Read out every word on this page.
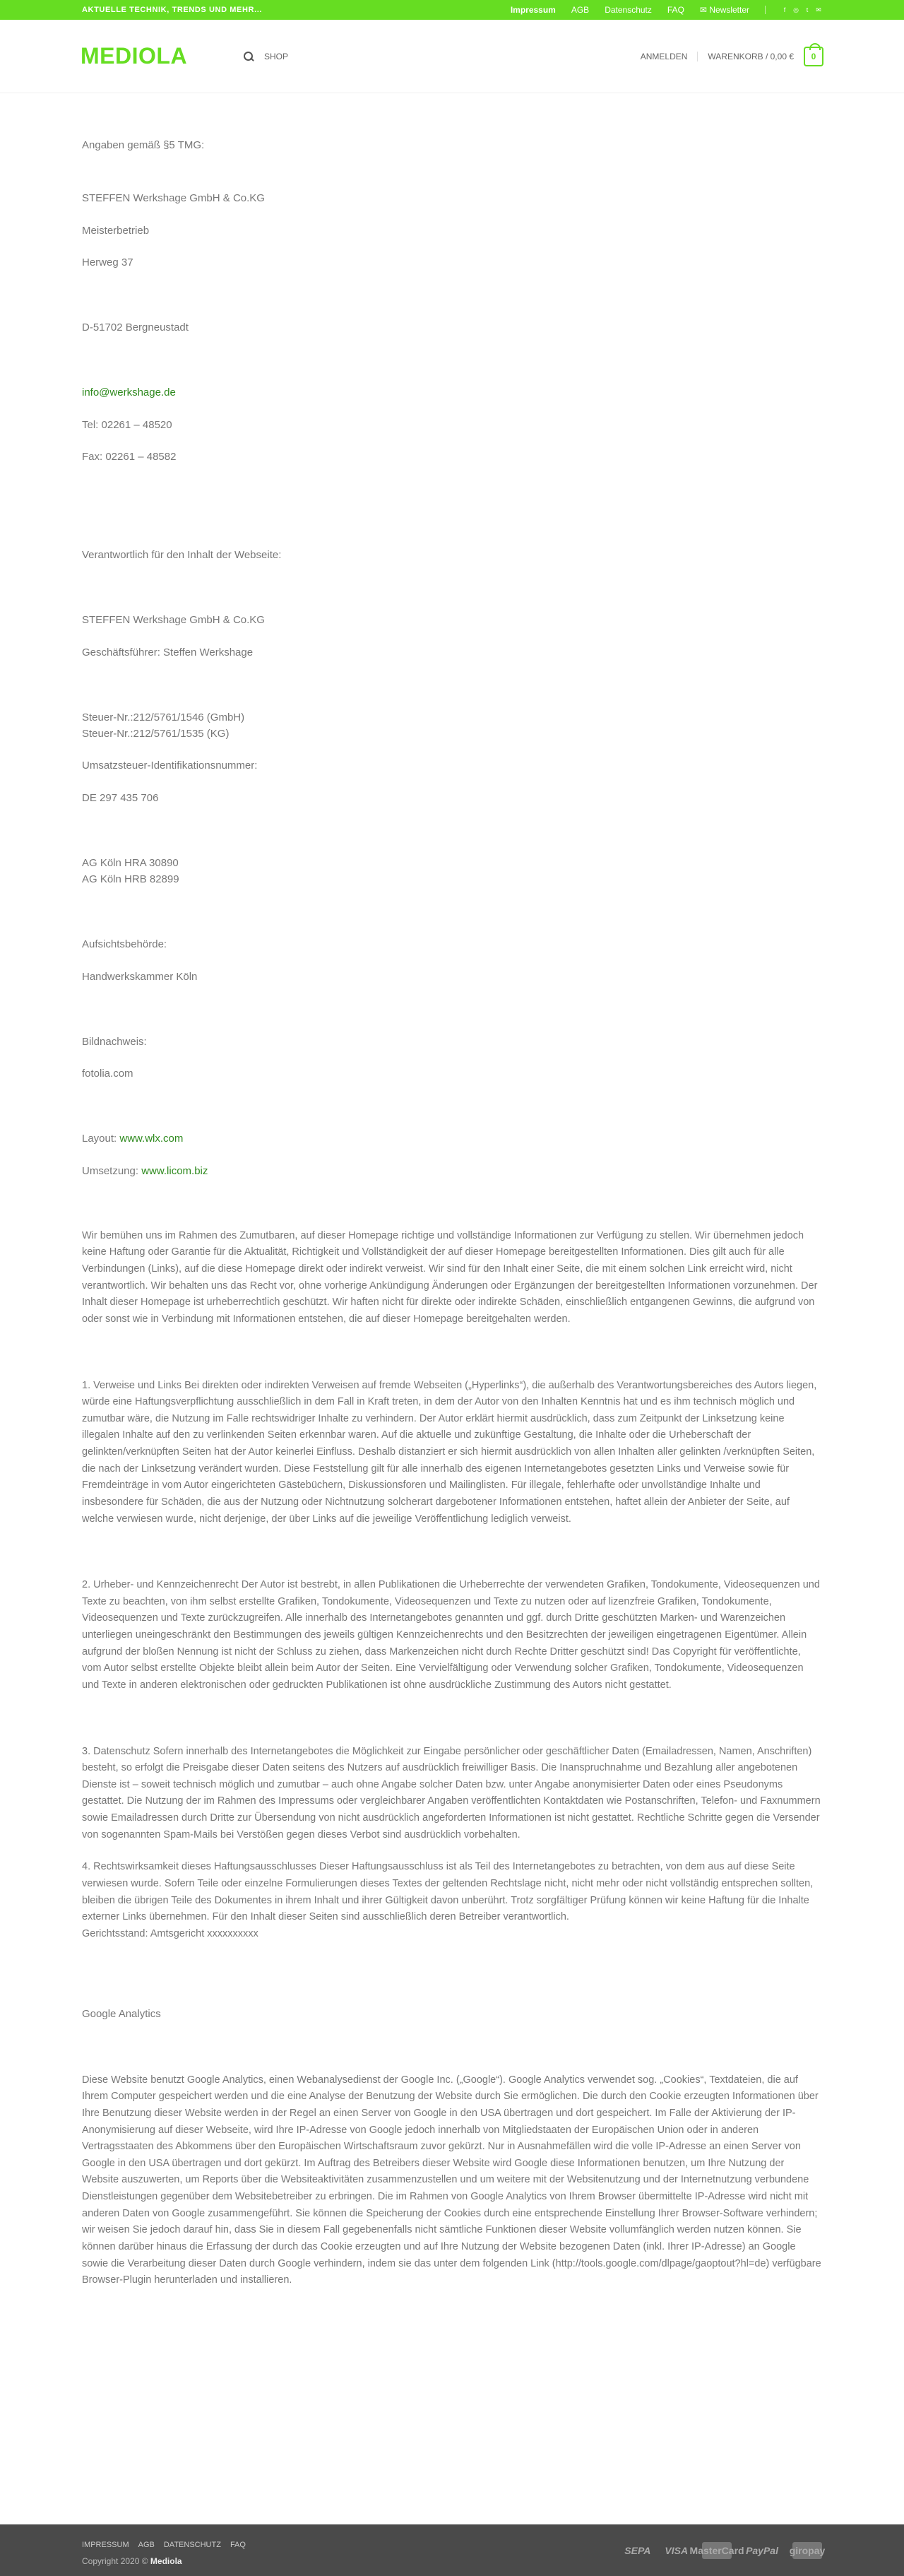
AKTUELLE TECHNIK, TRENDS UND MEHR...	Impressum AGB Datenschutz FAQ ✉ Newsletter	f	◎	t	✉
MEDIOLA	SHOP	ANMELDEN WARENKORB / 0,00 €	0

Angaben gemäß §5 TMG:

STEFFEN Werkshage GmbH & Co.KG

Meisterbetrieb

Herweg 37

D-51702 Bergneustadt

info@werkshage.de

Tel: 02261 – 48520

Fax: 02261 – 48582

Verantwortlich für den Inhalt der Webseite:

STEFFEN Werkshage GmbH & Co.KG

Geschäftsführer: Steffen Werkshage

Steuer-Nr.:212/5761/1546 (GmbH)

Steuer-Nr.:212/5761/1535 (KG)

Umsatzsteuer-Identifikationsnummer:

DE 297 435 706

AG Köln HRA 30890

AG Köln HRB 82899

Aufsichtsbehörde:

Handwerkskammer Köln

Bildnachweis:

fotolia.com

Layout: www.wlx.com

Umsetzung: www.licom.biz

Wir bemühen uns im Rahmen des Zumutbaren, auf dieser Homepage richtige und vollständige Informationen zur Verfügung zu stellen. Wir übernehmen jedoch keine Haftung oder Garantie für die Aktualität, Richtigkeit und Vollständigkeit der auf dieser Homepage bereitgestellten Informationen. Dies gilt auch für alle Verbindungen (Links), auf die diese Homepage direkt oder indirekt verweist. Wir sind für den Inhalt einer Seite, die mit einem solchen Link erreicht wird, nicht verantwortlich. Wir behalten uns das Recht vor, ohne vorherige Ankündigung Änderungen oder Ergänzungen der bereitgestellten Informationen vorzunehmen. Der Inhalt dieser Homepage ist urheberrechtlich geschützt. Wir haften nicht für direkte oder indirekte Schäden, einschließlich entgangenen Gewinns, die aufgrund von oder sonst wie in Verbindung mit Informationen entstehen, die auf dieser Homepage bereitgehalten werden.

1. Verweise und Links Bei direkten oder indirekten Verweisen auf fremde Webseiten („Hyperlinks“), die außerhalb des Verantwortungsbereiches des Autors liegen, würde eine Haftungsverpflichtung ausschließlich in dem Fall in Kraft treten, in dem der Autor von den Inhalten Kenntnis hat und es ihm technisch möglich und zumutbar wäre, die Nutzung im Falle rechtswidriger Inhalte zu verhindern. Der Autor erklärt hiermit ausdrücklich, dass zum Zeitpunkt der Linksetzung keine illegalen Inhalte auf den zu verlinkenden Seiten erkennbar waren. Auf die aktuelle und zukünftige Gestaltung, die Inhalte oder die Urheberschaft der gelinkten/verknüpften Seiten hat der Autor keinerlei Einfluss. Deshalb distanziert er sich hiermit ausdrücklich von allen Inhalten aller gelinkten /verknüpften Seiten, die nach der Linksetzung verändert wurden. Diese Feststellung gilt für alle innerhalb des eigenen Internetangebotes gesetzten Links und Verweise sowie für Fremdeinträge in vom Autor eingerichteten Gästebüchern, Diskussionsforen und Mailinglisten. Für illegale, fehlerhafte oder unvollständige Inhalte und insbesondere für Schäden, die aus der Nutzung oder Nichtnutzung solcherart dargebotener Informationen entstehen, haftet allein der Anbieter der Seite, auf welche verwiesen wurde, nicht derjenige, der über Links auf die jeweilige Veröffentlichung lediglich verweist.

2. Urheber- und Kennzeichenrecht Der Autor ist bestrebt, in allen Publikationen die Urheberrechte der verwendeten Grafiken, Tondokumente, Videosequenzen und Texte zu beachten, von ihm selbst erstellte Grafiken, Tondokumente, Videosequenzen und Texte zu nutzen oder auf lizenzfreie Grafiken, Tondokumente, Videosequenzen und Texte zurückzugreifen. Alle innerhalb des Internetangebotes genannten und ggf. durch Dritte geschützten Marken- und Warenzeichen unterliegen uneingeschränkt den Bestimmungen des jeweils gültigen Kennzeichenrechts und den Besitzrechten der jeweiligen eingetragenen Eigentümer. Allein aufgrund der bloßen Nennung ist nicht der Schluss zu ziehen, dass Markenzeichen nicht durch Rechte Dritter geschützt sind! Das Copyright für veröffentlichte, vom Autor selbst erstellte Objekte bleibt allein beim Autor der Seiten. Eine Vervielfältigung oder Verwendung solcher Grafiken, Tondokumente, Videosequenzen und Texte in anderen elektronischen oder gedruckten Publikationen ist ohne ausdrückliche Zustimmung des Autors nicht gestattet.

3. Datenschutz Sofern innerhalb des Internetangebotes die Möglichkeit zur Eingabe persönlicher oder geschäftlicher Daten (Emailadressen, Namen, Anschriften) besteht, so erfolgt die Preisgabe dieser Daten seitens des Nutzers auf ausdrücklich freiwilliger Basis. Die Inanspruchnahme und Bezahlung aller angebotenen Dienste ist – soweit technisch möglich und zumutbar – auch ohne Angabe solcher Daten bzw. unter Angabe anonymisierter Daten oder eines Pseudonyms gestattet. Die Nutzung der im Rahmen des Impressums oder vergleichbarer Angaben veröffentlichten Kontaktdaten wie Postanschriften, Telefon- und Faxnummern sowie Emailadressen durch Dritte zur Übersendung von nicht ausdrücklich angeforderten Informationen ist nicht gestattet. Rechtliche Schritte gegen die Versender von sogenannten Spam-Mails bei Verstößen gegen dieses Verbot sind ausdrücklich vorbehalten.

4. Rechtswirksamkeit dieses Haftungsausschlusses Dieser Haftungsausschluss ist als Teil des Internetangebotes zu betrachten, von dem aus auf diese Seite verwiesen wurde. Sofern Teile oder einzelne Formulierungen dieses Textes der geltenden Rechtslage nicht, nicht mehr oder nicht vollständig entsprechen sollten, bleiben die übrigen Teile des Dokumentes in ihrem Inhalt und ihrer Gültigkeit davon unberührt. Trotz sorgfältiger Prüfung können wir keine Haftung für die Inhalte externer Links übernehmen. Für den Inhalt dieser Seiten sind ausschließlich deren Betreiber verantwortlich.

Gerichtsstand: Amtsgericht xxxxxxxxxx

Google Analytics

Diese Website benutzt Google Analytics, einen Webanalysedienst der Google Inc. („Google“). Google Analytics verwendet sog. „Cookies“, Textdateien, die auf Ihrem Computer gespeichert werden und die eine Analyse der Benutzung der Website durch Sie ermöglichen. Die durch den Cookie erzeugten Informationen über Ihre Benutzung dieser Website werden in der Regel an einen Server von Google in den USA übertragen und dort gespeichert. Im Falle der Aktivierung der IP-Anonymisierung auf dieser Webseite, wird Ihre IP-Adresse von Google jedoch innerhalb von Mitgliedstaaten der Europäischen Union oder in anderen Vertragsstaaten des Abkommens über den Europäischen Wirtschaftsraum zuvor gekürzt. Nur in Ausnahmefällen wird die volle IP-Adresse an einen Server von Google in den USA übertragen und dort gekürzt. Im Auftrag des Betreibers dieser Website wird Google diese Informationen benutzen, um Ihre Nutzung der Website auszuwerten, um Reports über die Websiteaktivitäten zusammenzustellen und um weitere mit der Websitenutzung und der Internetnutzung verbundene Dienstleistungen gegenüber dem Websitebetreiber zu erbringen. Die im Rahmen von Google Analytics von Ihrem Browser übermittelte IP-Adresse wird nicht mit anderen Daten von Google zusammengeführt. Sie können die Speicherung der Cookies durch eine entsprechende Einstellung Ihrer Browser-Software verhindern; wir weisen Sie jedoch darauf hin, dass Sie in diesem Fall gegebenenfalls nicht sämtliche Funktionen dieser Website vollumfänglich werden nutzen können. Sie können darüber hinaus die Erfassung der durch das Cookie erzeugten und auf Ihre Nutzung der Website bezogenen Daten (inkl. Ihrer IP-Adresse) an Google sowie die Verarbeitung dieser Daten durch Google verhindern, indem sie das unter dem folgenden Link (http://tools.google.com/dlpage/gaoptout?hl=de) verfügbare Browser-Plugin herunterladen und installieren.

IMPRESSUM AGB DATENSCHUTZ FAQ
Copyright 2020 © Mediola
SEPA VISA MasterCard PayPal giropay
